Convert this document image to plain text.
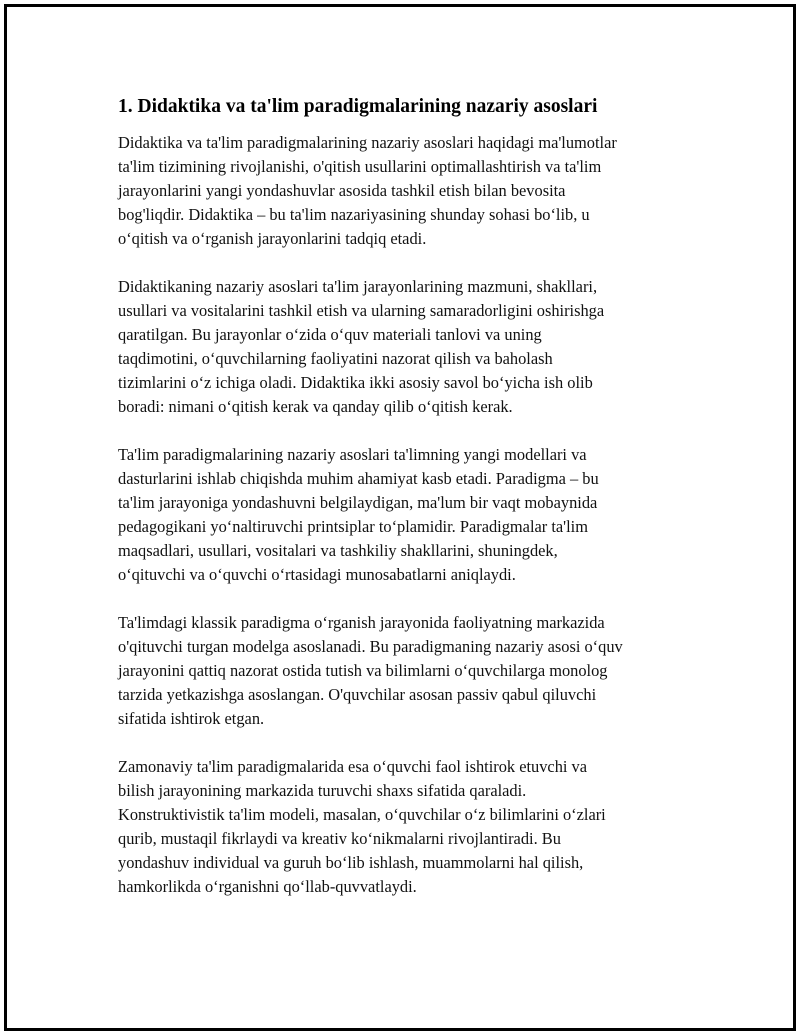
1. Didaktika va ta'lim paradigmalarining nazariy asoslari

Didaktika va ta'lim paradigmalarining nazariy asoslari haqidagi ma'lumotlar
ta'lim tizimining rivojlanishi, o'qitish usullarini optimallashtirish va ta'lim
jarayonlarini yangi yondashuvlar asosida tashkil etish bilan bevosita
bog'liqdir. Didaktika – bu ta'lim nazariyasining shunday sohasi bo‘lib, u
o‘qitish va o‘rganish jarayonlarini tadqiq etadi.

Didaktikaning nazariy asoslari ta'lim jarayonlarining mazmuni, shakllari,
usullari va vositalarini tashkil etish va ularning samaradorligini oshirishga
qaratilgan. Bu jarayonlar o‘zida o‘quv materiali tanlovi va uning
taqdimotini, o‘quvchilarning faoliyatini nazorat qilish va baholash
tizimlarini o‘z ichiga oladi. Didaktika ikki asosiy savol bo‘yicha ish olib
boradi: nimani o‘qitish kerak va qanday qilib o‘qitish kerak.

Ta'lim paradigmalarining nazariy asoslari ta'limning yangi modellari va
dasturlarini ishlab chiqishda muhim ahamiyat kasb etadi. Paradigma – bu
ta'lim jarayoniga yondashuvni belgilaydigan, ma'lum bir vaqt mobaynida
pedagogikani yo‘naltiruvchi printsiplar to‘plamidir. Paradigmalar ta'lim
maqsadlari, usullari, vositalari va tashkiliy shakllarini, shuningdek,
o‘qituvchi va o‘quvchi o‘rtasidagi munosabatlarni aniqlaydi.

Ta'limdagi klassik paradigma o‘rganish jarayonida faoliyatning markazida
o'qituvchi turgan modelga asoslanadi. Bu paradigmaning nazariy asosi o‘quv
jarayonini qattiq nazorat ostida tutish va bilimlarni o‘quvchilarga monolog
tarzida yetkazishga asoslangan. O'quvchilar asosan passiv qabul qiluvchi
sifatida ishtirok etgan.

Zamonaviy ta'lim paradigmalarida esa o‘quvchi faol ishtirok etuvchi va
bilish jarayonining markazida turuvchi shaxs sifatida qaraladi.
Konstruktivistik ta'lim modeli, masalan, o‘quvchilar o‘z bilimlarini o‘zlari
qurib, mustaqil fikrlaydi va kreativ ko‘nikmalarni rivojlantiradi. Bu
yondashuv individual va guruh bo‘lib ishlash, muammolarni hal qilish,
hamkorlikda o‘rganishni qo‘llab-quvvatlaydi.
